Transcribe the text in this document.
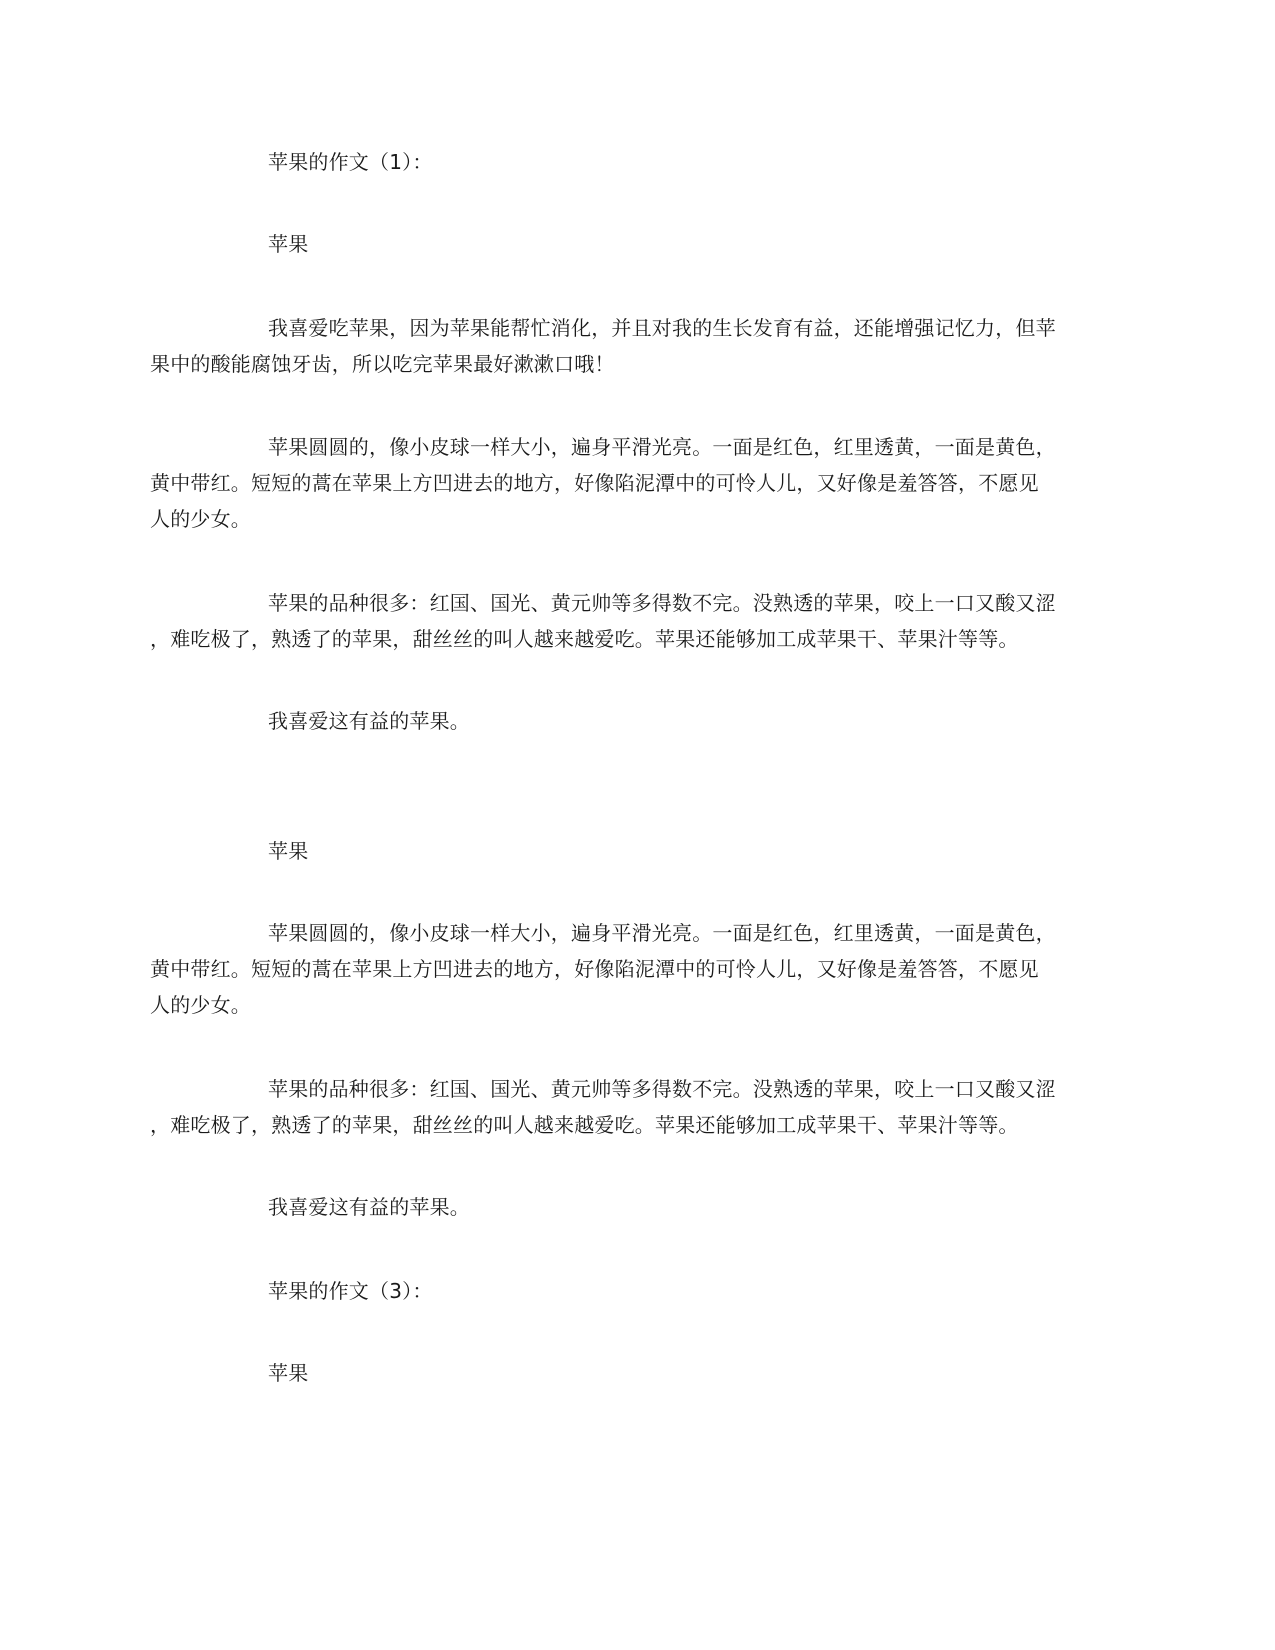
苹果的作文（1）：
苹果
我喜爱吃苹果，因为苹果能帮忙消化，并且对我的生长发育有益，还能增强记忆力，但苹
果中的酸能腐蚀牙齿，所以吃完苹果最好漱漱口哦！
苹果圆圆的，像小皮球一样大小，遍身平滑光亮。一面是红色，红里透黄，一面是黄色，
黄中带红。短短的蒿在苹果上方凹进去的地方，好像陷泥潭中的可怜人儿，又好像是羞答答，不愿见
人的少女。
苹果的品种很多：红国、国光、黄元帅等多得数不完。没熟透的苹果，咬上一口又酸又涩
，难吃极了，熟透了的苹果，甜丝丝的叫人越来越爱吃。苹果还能够加工成苹果干、苹果汁等等。
我喜爱这有益的苹果。
苹果
苹果圆圆的，像小皮球一样大小，遍身平滑光亮。一面是红色，红里透黄，一面是黄色，
黄中带红。短短的蒿在苹果上方凹进去的地方，好像陷泥潭中的可怜人儿，又好像是羞答答，不愿见
人的少女。
苹果的品种很多：红国、国光、黄元帅等多得数不完。没熟透的苹果，咬上一口又酸又涩
，难吃极了，熟透了的苹果，甜丝丝的叫人越来越爱吃。苹果还能够加工成苹果干、苹果汁等等。
我喜爱这有益的苹果。
苹果的作文（3）：
苹果
